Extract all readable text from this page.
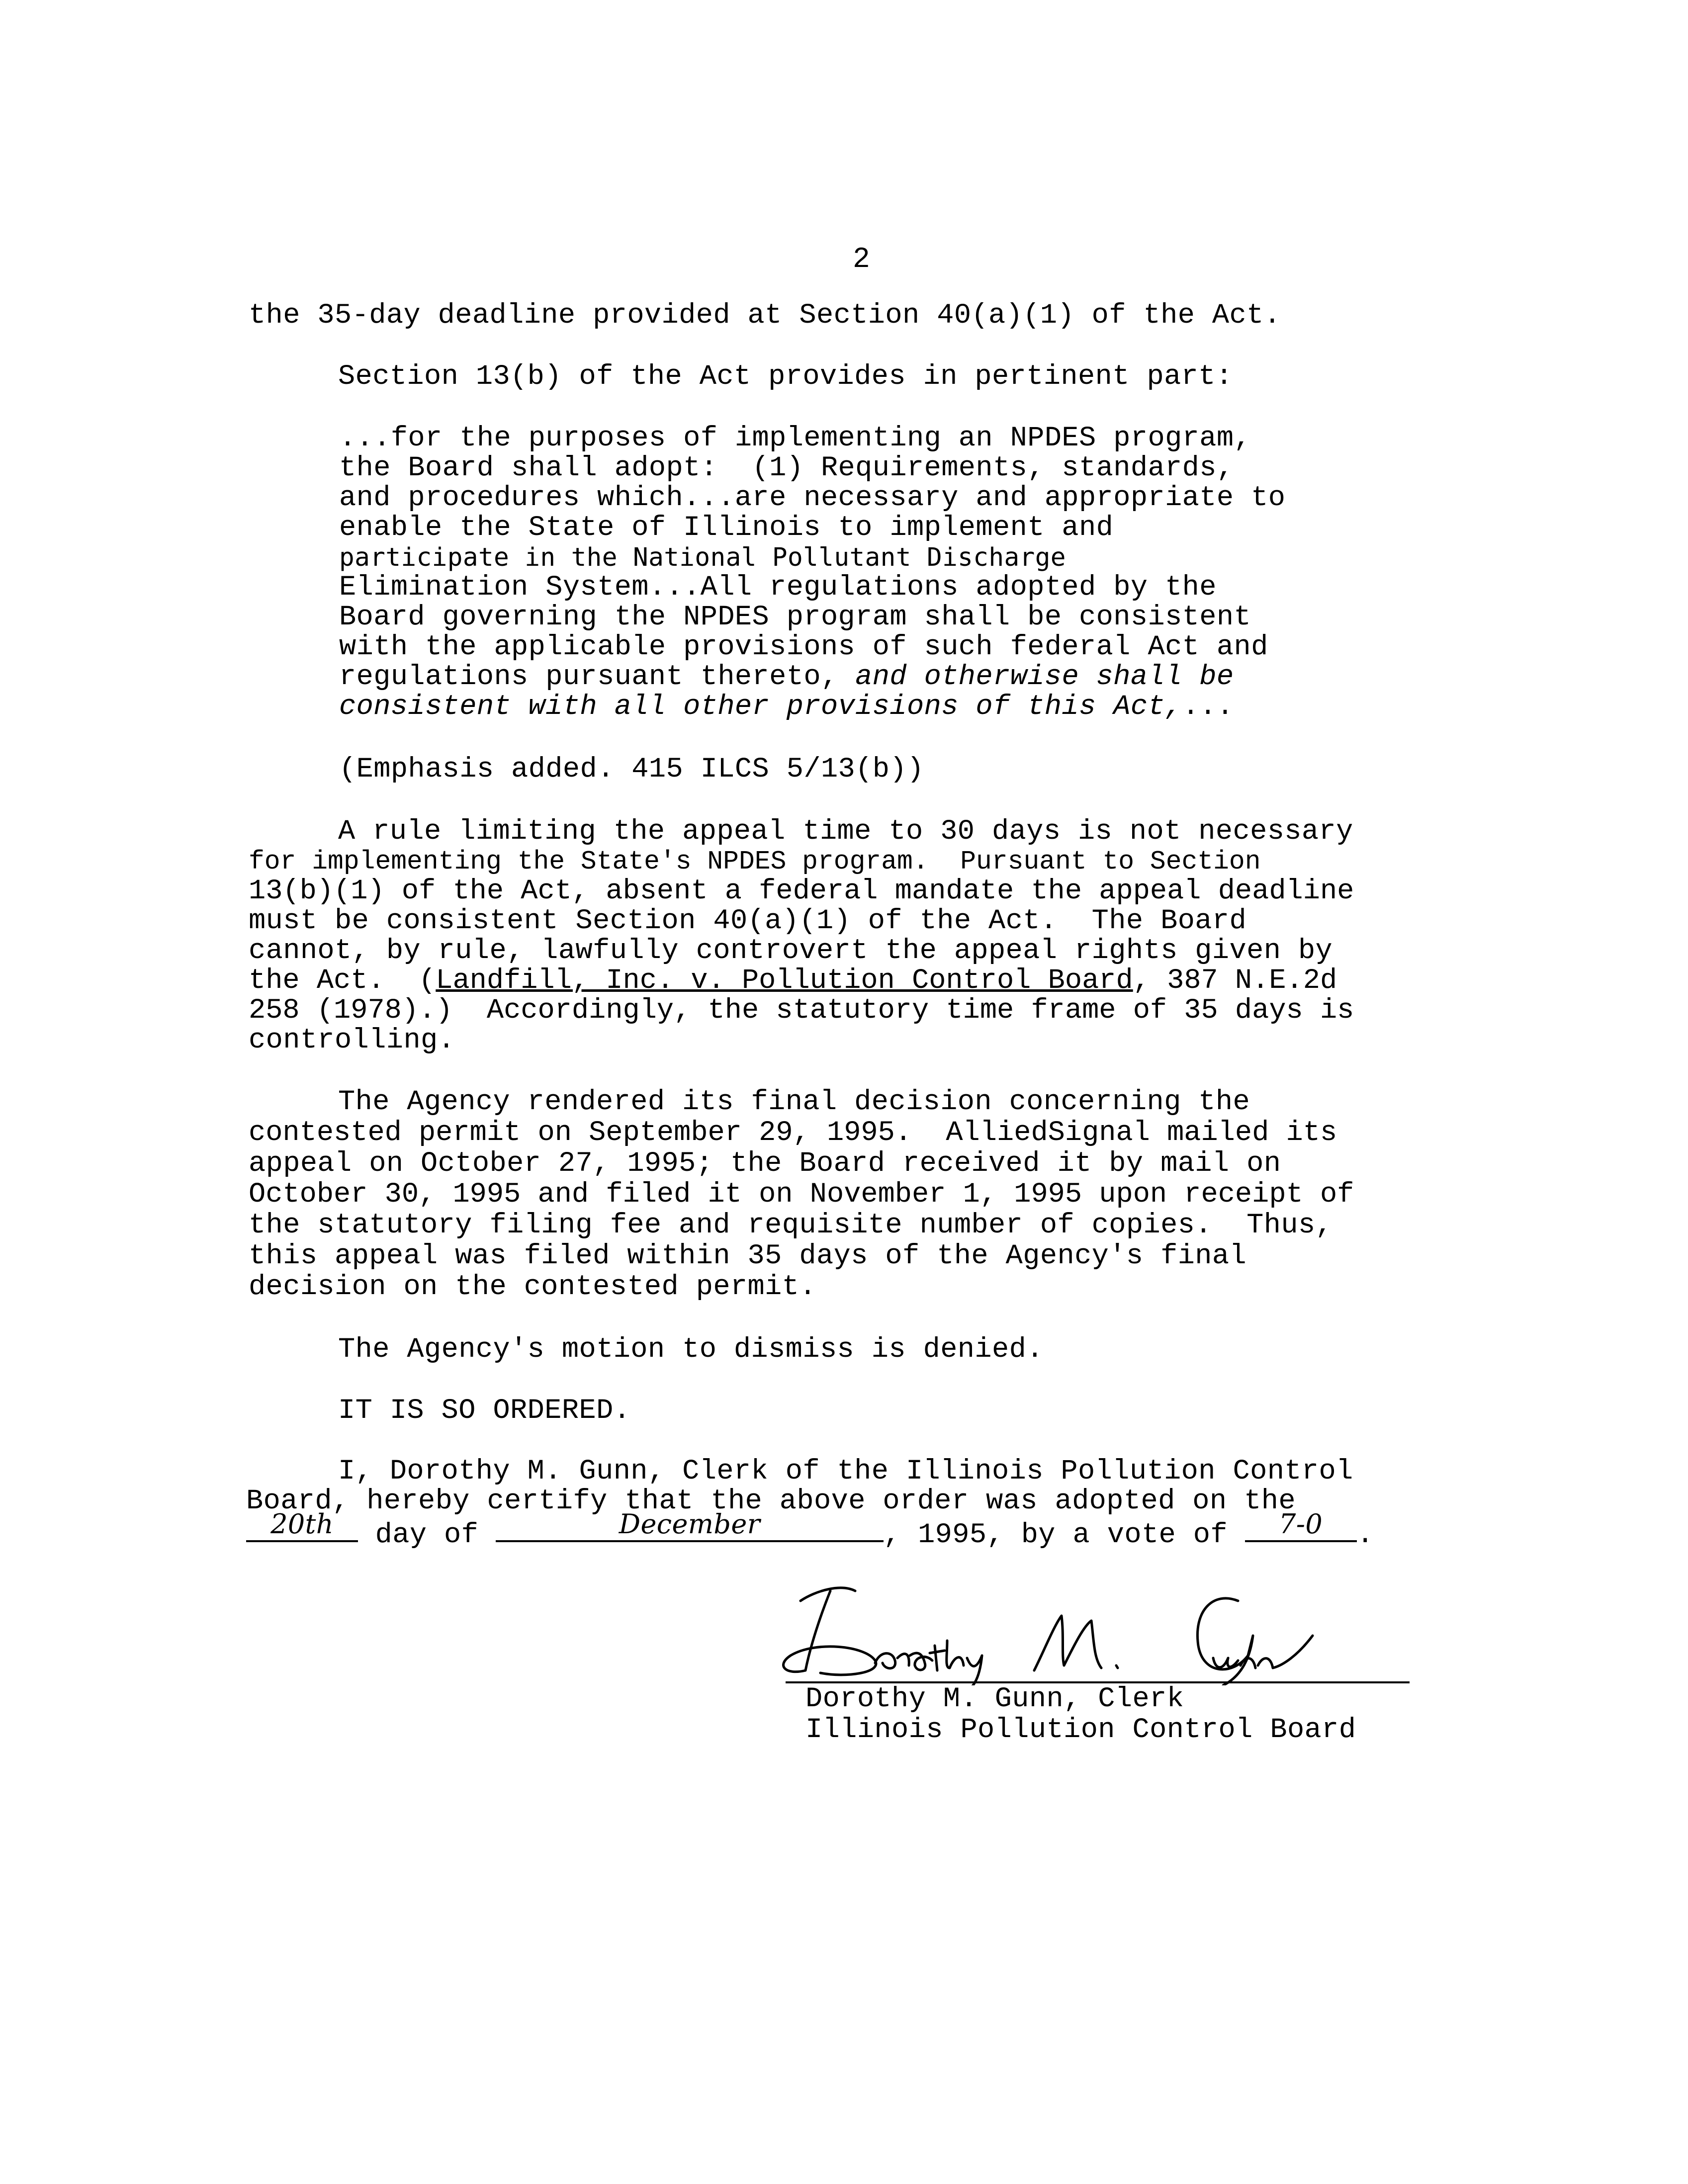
2
the 35-day deadline provided at Section 40(a)(1) of the Act.
Section 13(b) of the Act provides in pertinent part:
...for the purposes of implementing an NPDES program,
the Board shall adopt:  (1) Requirements, standards,
and procedures which...are necessary and appropriate to
enable the State of Illinois to implement and
participate in the National Pollutant Discharge
Elimination System...All regulations adopted by the
Board governing the NPDES program shall be consistent
with the applicable provisions of such federal Act and
regulations pursuant thereto, and otherwise shall be
consistent with all other provisions of this Act,...
(Emphasis added. 415 ILCS 5/13(b))
A rule limiting the appeal time to 30 days is not necessary
for implementing the State's NPDES program.  Pursuant to Section
13(b)(1) of the Act, absent a federal mandate the appeal deadline
must be consistent Section 40(a)(1) of the Act.  The Board
cannot, by rule, lawfully controvert the appeal rights given by
the Act.  (Landfill, Inc. v. Pollution Control Board, 387 N.E.2d
258 (1978).)  Accordingly, the statutory time frame of 35 days is
controlling.
The Agency rendered its final decision concerning the
contested permit on September 29, 1995.  AlliedSignal mailed its
appeal on October 27, 1995; the Board received it by mail on
October 30, 1995 and filed it on November 1, 1995 upon receipt of
the statutory filing fee and requisite number of copies.  Thus,
this appeal was filed within 35 days of the Agency's final
decision on the contested permit.
The Agency's motion to dismiss is denied.
IT IS SO ORDERED.
I, Dorothy M. Gunn, Clerk of the Illinois Pollution Control
Board, hereby certify that the above order was adopted on the
20th day of	December	, 1995, by a vote of	7-0	.
Dorothy M. Gunn, Clerk
Illinois Pollution Control Board
